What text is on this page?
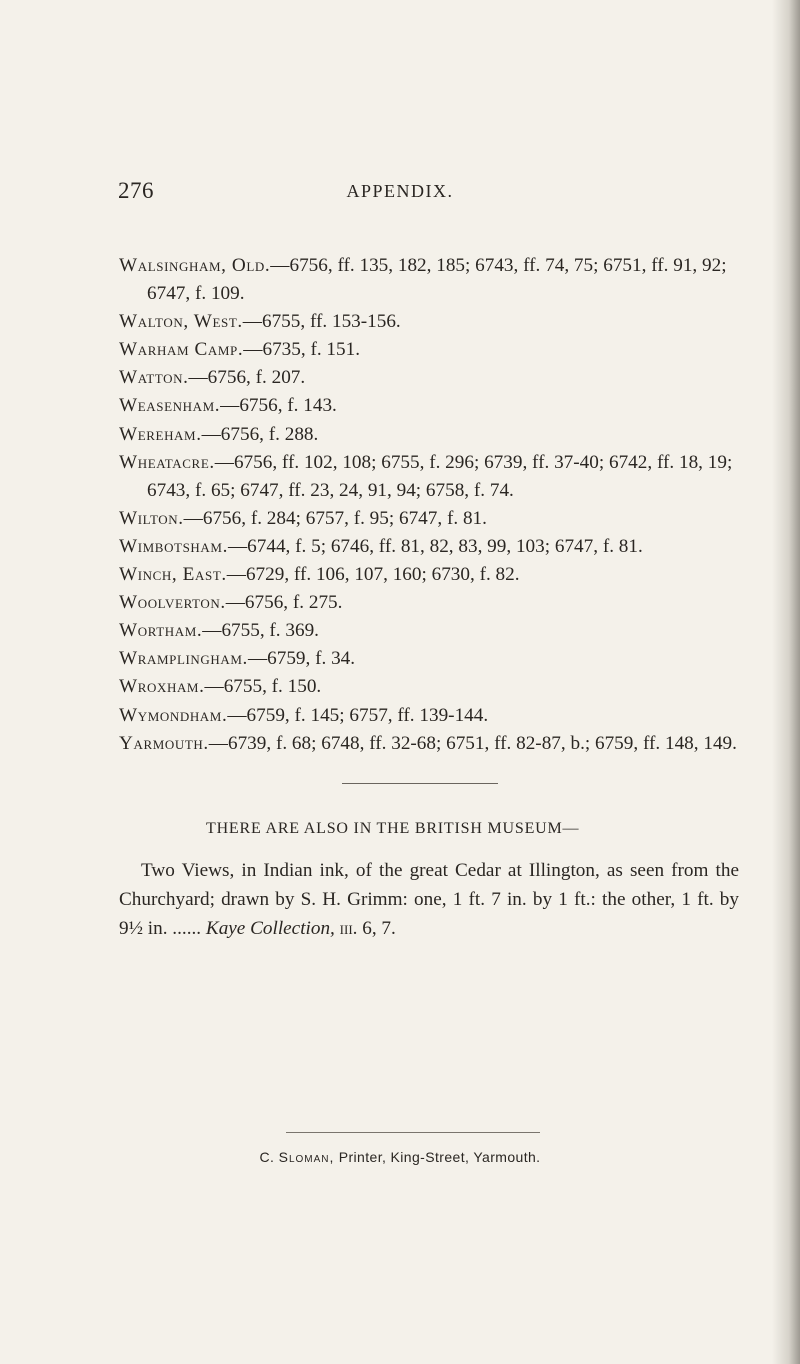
276	APPENDIX.
Walsingham, Old.—6756, ff. 135, 182, 185; 6743, ff. 74, 75; 6751, ff. 91, 92; 6747, f. 109.
Walton, West.—6755, ff. 153-156.
Warham Camp.—6735, f. 151.
Watton.—6756, f. 207.
Weasenham.—6756, f. 143.
Wereham.—6756, f. 288.
Wheatacre.—6756, ff. 102, 108; 6755, f. 296; 6739, ff. 37-40; 6742, ff. 18, 19; 6743, f. 65; 6747, ff. 23, 24, 91, 94; 6758, f. 74.
Wilton.—6756, f. 284; 6757, f. 95; 6747, f. 81.
Wimbotsham.—6744, f. 5; 6746, ff. 81, 82, 83, 99, 103; 6747, f. 81.
Winch, East.—6729, ff. 106, 107, 160; 6730, f. 82.
Woolverton.—6756, f. 275.
Wortham.—6755, f. 369.
Wramplingham.—6759, f. 34.
Wroxham.—6755, f. 150.
Wymondham.—6759, f. 145; 6757, ff. 139-144.
Yarmouth.—6739, f. 68; 6748, ff. 32-68; 6751, ff. 82-87, b.; 6759, ff. 148, 149.
THERE ARE ALSO IN THE BRITISH MUSEUM—

Two Views, in Indian ink, of the great Cedar at Illington, as seen from the Churchyard; drawn by S. H. Grimm: one, 1 ft. 7 in. by 1 ft.: the other, 1 ft. by 9½ in. ...... Kaye Collection, iii. 6, 7.

C. Sloman, Printer, King-Street, Yarmouth.
